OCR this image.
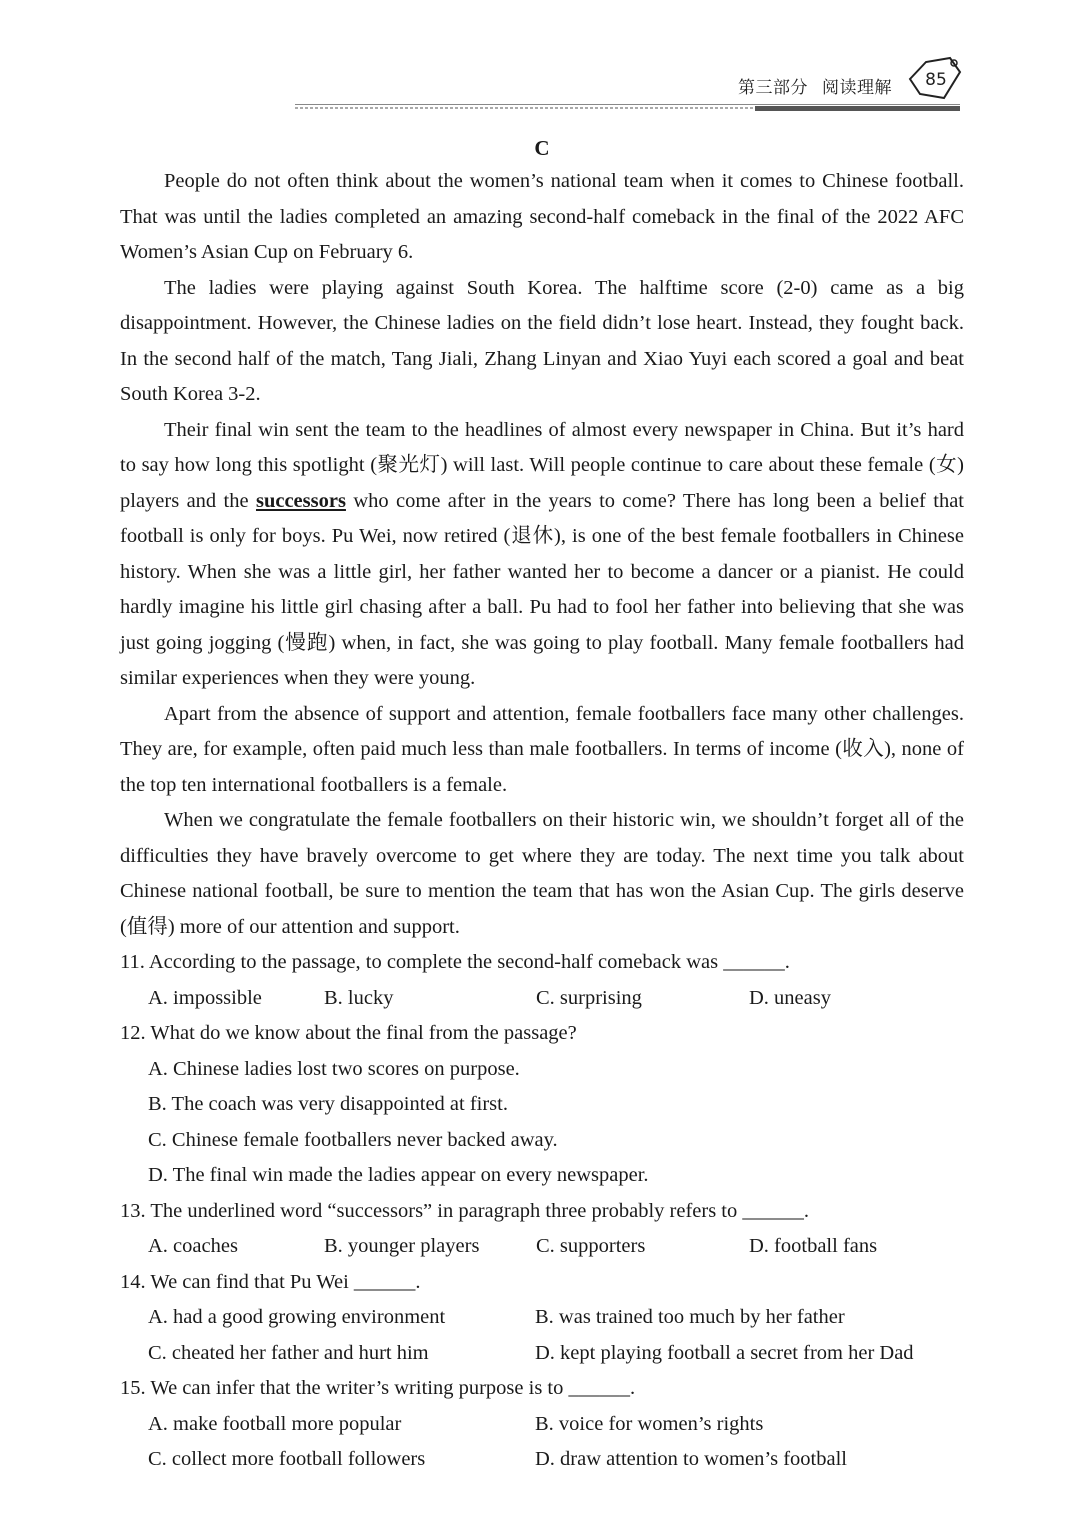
第三部分 阅读理解	85

C

People do not often think about the women’s national team when it comes to Chinese football. That was until the ladies completed an amazing second-half comeback in the final of the 2022 AFC Women’s Asian Cup on February 6.

The ladies were playing against South Korea. The halftime score (2-0) came as a big disappointment. However, the Chinese ladies on the field didn’t lose heart. Instead, they fought back. In the second half of the match, Tang Jiali, Zhang Linyan and Xiao Yuyi each scored a goal and beat South Korea 3-2.

Their final win sent the team to the headlines of almost every newspaper in China. But it’s hard to say how long this spotlight (聚光灯) will last. Will people continue to care about these female (女) players and the successors who come after in the years to come? There has long been a belief that football is only for boys. Pu Wei, now retired (退休), is one of the best female footballers in Chinese history. When she was a little girl, her father wanted her to become a dancer or a pianist. He could hardly imagine his little girl chasing after a ball. Pu had to fool her father into believing that she was just going jogging (慢跑) when, in fact, she was going to play football. Many female footballers had similar experiences when they were young.

Apart from the absence of support and attention, female footballers face many other challenges. They are, for example, often paid much less than male footballers. In terms of income (收入), none of the top ten international footballers is a female.

When we congratulate the female footballers on their historic win, we shouldn’t forget all of the difficulties they have bravely overcome to get where they are today. The next time you talk about Chinese national football, be sure to mention the team that has won the Asian Cup. The girls deserve (值得) more of our attention and support.

11. According to the passage, to complete the second-half comeback was ______.

A. impossible	B. lucky	C. surprising	D. uneasy

12. What do we know about the final from the passage?

A. Chinese ladies lost two scores on purpose.

B. The coach was very disappointed at first.

C. Chinese female footballers never backed away.

D. The final win made the ladies appear on every newspaper.

13. The underlined word “successors” in paragraph three probably refers to ______.

A. coaches	B. younger players	C. supporters	D. football fans

14. We can find that Pu Wei ______.

A. had a good growing environment	B. was trained too much by her father
C. cheated her father and hurt him	D. kept playing football a secret from her Dad

15. We can infer that the writer’s writing purpose is to ______.

A. make football more popular	B. voice for women’s rights
C. collect more football followers	D. draw attention to women’s football
